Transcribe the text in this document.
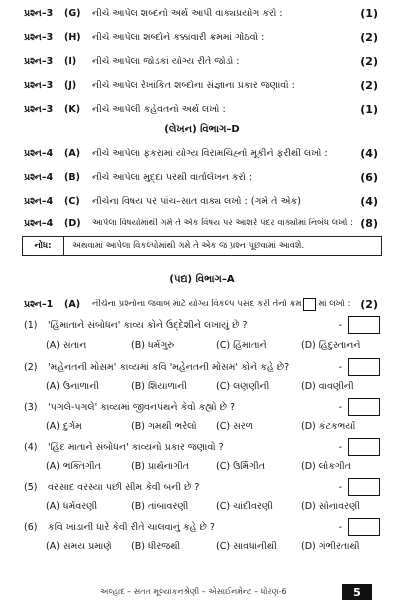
પ્રશ્ન–3	(G)	નીચે આપેલ શબ્દનો અર્થ આપી વાક્યપ્રયોગ કરો :	(1)
પ્રશ્ન–3	(H)	નીચે આપેલા શબ્દોને કક્કાવારી ક્રમમાં ગોઠવો :	(2)
પ્રશ્ન–3	(I)	નીચે આપેલા જોડકાં યોગ્ય રીતે જોડો :	(2)
પ્રશ્ન–3	(J)	નીચે આપેલ રેખાંકિત શબ્દોના સંજ્ઞાના પ્રકાર જણાવો :	(2)
પ્રશ્ન–3	(K)	નીચે આપેલી કહેવતનો અર્થ લખો :	(1)
(લેખન) વિભાગ–D
પ્રશ્ન–4	(A)	નીચે આપેલા ફકરામાં યોગ્ય વિરામચિહ્નો મૂકીને ફરીથી લખો :	(4)
પ્રશ્ન–4	(B)	નીચે આપેલા મુદ્દા પરથી વાર્તાલેખન કરો :	(6)
પ્રશ્ન–4	(C)	નીચેના વિષય પર પાંચ–સાત વાક્ય લખો : (ગમે તે એક)	(4)
પ્રશ્ન–4	(D)	આપેલા વિષયોમાંથી ગમે તે એક વિષય પર આશરે પંદર વાક્યોમાં નિબંધ લખો : (8)
નોંધ:	અથવામાં આપેલા વિકલ્પોમાંથી ગમે તે એક જ પ્રશ્ન પૂછવામાં આવશે.
(પદ્ય) વિભાગ–A
પ્રશ્ન–1	(A)	નીચેના પ્રશ્નોના જવાબ માટે યોગ્ય વિકલ્પ પસંદ કરી તેનો ક્રમ માં લખો : (2)
(1)	'હિંમાતાને સંબોધન' કાવ્ય કોને ઉદ્દેશીને લખાયું છે ?	-
(A) સંતાન	(B) ધર્મગુરુ	(C) હિંમાતાને	(D) હિંદુસ્તાનને
(2)	'મહેનતની મોસમ' કાવ્યમાં કવિ 'મહેનતની મોસમ' કોને કહે છે?	-
(A) ઉનાળાની	(B) શિયાળાની	(C) લણણીની	(D) વાવણીની
(3)	'પગલે-પગલે' કાવ્યમાં જીવનપંથને કેવો કહ્યો છે ?	-
(A) દુર્ગમ	(B) ગમથી ભરેલો	(C) સરળ	(D) કંટકભર્યો
(4)	'હિંદ માતાને સંબોધન' કાવ્યનો પ્રકાર જણાવો ?	-
(A) ભક્તિગીત	(B) પ્રાર્થનાગીત	(C) ઉર્મિગીત	(D) લોકગીત
(5)	વરસાદ વરસ્યા પછી સીમ કેવી બની છે ?	-
(A) ધર્મવરણી	(B) તાંબાવરણી	(C) ચાંદીવરણી	(D) સોનાવરણી
(6)	કવિ ખાંડાની ધારે કેવી રીતે ચાલવાનું કહે છે ?	-
(A) સમય પ્રમાણે	(B) ધીરજથી	(C) સાવધાનીથી	(D) ગંભીરતાથી
અલ્હાદ – સતત મૂલ્યાંકનશ્રેણી – એસાઈનમેન્ટ – ધોરણ-6	5
